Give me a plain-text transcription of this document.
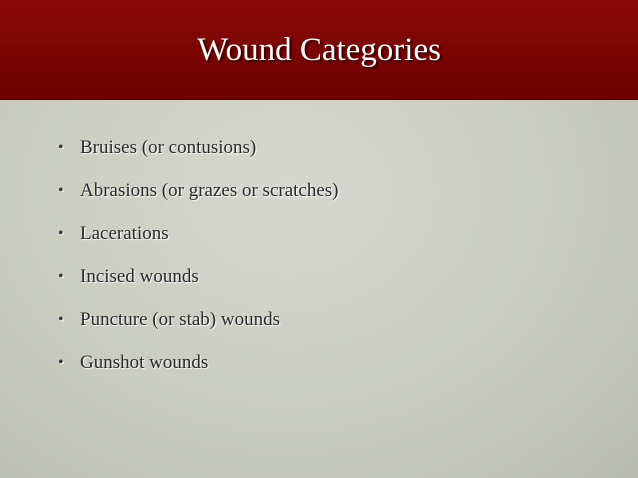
Wound Categories
• Bruises (or contusions)
• Abrasions (or grazes or scratches)
• Lacerations
• Incised wounds
• Puncture (or stab) wounds
• Gunshot wounds
